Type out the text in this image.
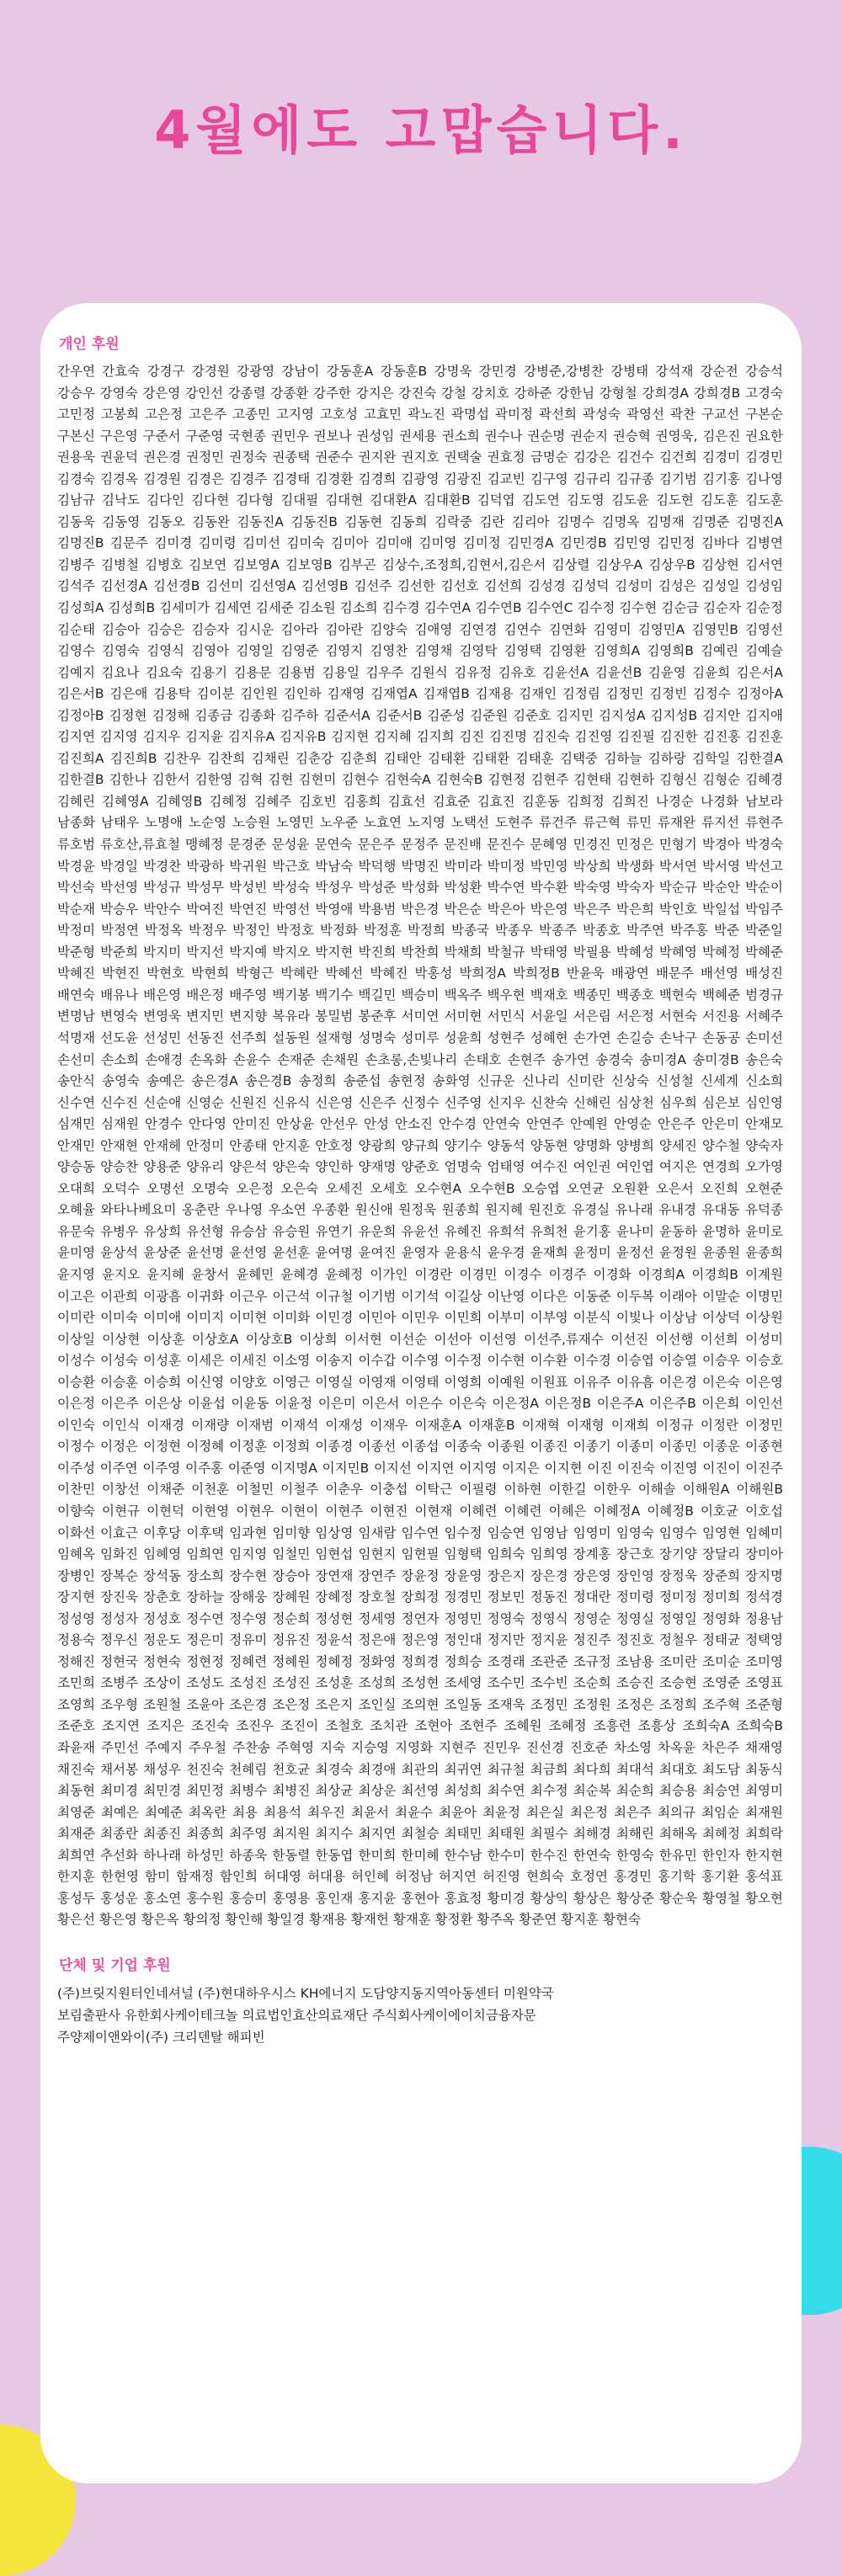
4월에도 고맙습니다.
개인 후원

간우연 간효숙 강경구 강경원 강광영 강남이 강동훈A 강동훈B 강명욱 강민경 강병준,강병찬 강병태 강석재 강순전 강승석 강승우 강영숙 강은영 강인선 강종렬 강종환 강주한 강지은 강진숙 강철 강치호 강하준 강한님 강형철 강희경A 강희경B 고경숙 고민정 고봉희 고은정 고은주 고종민 고지영 고호성 고효민 곽노진 곽명섭 곽미정 곽선희 곽성숙 곽영선 곽찬 구교선 구본순 구본신 구은영 구준서 구준영 국현종 권민우 권보나 권성임 권세용 권소희 권수나 권순명 권순지 권승혁 권영욱, 김은진 권요한 권용욱 권윤덕 권은경 권정민 권정숙 권종택 권준수 권지완 권지호 권택술 권효정 금명순 김강은 김건수 김건희 김경미 김경민 김경숙 김경옥 김경원 김경은 김경주 김경태 김경환 김경희 김광영 김광진 김교빈 김구영 김규리 김규종 김기범 김기홍 김나영 김남규 김낙도 김다인 김다현 김다형 김대필 김대현 김대환A 김대환B 김덕엽 김도연 김도영 김도윤 김도현 김도훈 김도훈 김동욱 김동영 김동오 김동완 김동진A 김동진B 김동현 김동희 김락중 김란 김리아 김명수 김명옥 김명재 김명준 김명진A 김명진B 김문주 김미경 김미령 김미선 김미숙 김미아 김미애 김미영 김미정 김민경A 김민경B 김민영 김민정 김바다 김병연 김병주 김병철 김병호 김보연 김보영A 김보영B 김부곤 김상수,조정희,김현서,김은서 김상렬 김상우A 김상우B 김상현 김서연 김석주 김선경A 김선경B 김선미 김선영A 김선영B 김선주 김선한 김선호 김선희 김성경 김성덕 김성미 김성은 김성일 김성임 김성희A 김성희B 김세미가 김세연 김세준 김소원 김소희 김수경 김수연A 김수연B 김수연C 김수정 김수현 김순금 김순자 김순정 김순태 김승아 김승은 김승자 김시운 김아라 김아란 김양숙 김애영 김연경 김연수 김연화 김영미 김영민A 김영민B 김영선 김영수 김영숙 김영식 김영아 김영일 김영준 김영지 김영찬 김영채 김영탁 김영택 김영환 김영희A 김영희B 김예린 김예슬 김예지 김요나 김요숙 김용기 김용문 김용범 김용일 김우주 김원식 김유정 김유호 김윤선A 김윤선B 김윤영 김윤희 김은서A 김은서B 김은애 김용탁 김이분 김인원 김인하 김재영 김재엽A 김재엽B 김재용 김재인 김정림 김정민 김정빈 김정수 김정아A 김정아B 김정현 김정해 김종금 김종화 김주하 김준서A 김준서B 김준성 김준원 김준호 김지민 김지성A 김지성B 김지안 김지애 김지연 김지영 김지우 김지윤 김지유A 김지유B 김지현 김지혜 김지희 김진 김진명 김진숙 김진영 김진필 김진한 김진홍 김진훈 김진희A 김진희B 김찬우 김찬희 김채린 김춘강 김춘희 김태안 김태환 김태환 김태훈 김택중 김하늘 김하랑 김학일 김한결A 김한결B 김한나 김한서 김한영 김혁 김현 김현미 김현수 김현숙A 김현숙B 김현정 김현주 김현태 김현하 김형신 김형순 김혜경 김혜린 김혜영A 김혜영B 김혜정 김혜주 김호빈 김홍희 김효선 김효준 김효진 김훈동 김희정 김희진 나경순 나경화 남보라 남종화 남태우 노명애 노순영 노승원 노영민 노우준 노효연 노지영 노택선 도현주 류건주 류근혁 류민 류재완 류지선 류현주 류호범 류호산,류효철 맹혜정 문경준 문성윤 문연숙 문은주 문정주 문진배 문진수 문혜영 민경진 민정은 민형기 박경아 박경숙 박경윤 박경일 박경찬 박광하 박귀원 박근호 박남숙 박덕행 박명진 박미라 박미정 박민영 박상희 박생화 박서연 박서영 박선고 박선숙 박선영 박성규 박성무 박성빈 박성숙 박성우 박성준 박성화 박성환 박수연 박수환 박숙영 박숙자 박순규 박순안 박순이 박순재 박승우 박안수 박여진 박연진 박영선 박영애 박용범 박은경 박은순 박은아 박은영 박은주 박은희 박인호 박일섭 박임주 박정미 박정연 박정옥 박정우 박정인 박정호 박정화 박정훈 박정희 박종국 박종우 박종주 박종호 박주연 박주홍 박준 박준일 박준형 박준희 박지미 박지선 박지예 박지오 박지현 박진희 박찬희 박채희 박철규 박태영 박필용 박혜성 박혜영 박혜정 박혜준 박혜진 박현진 박현호 박현희 박형근 박혜란 박혜선 박혜진 박홍성 박희정A 박희정B 반윤욱 배광연 배문주 배선영 배성진 배연숙 배유나 배은영 배은정 배주영 백기봉 백기수 백길민 백승미 백옥주 백우현 백재호 백종민 백종호 백현숙 백혜준 범경규 변명남 변영숙 변영욱 변지민 변지향 복유라 봉밀범 봉준후 서미연 서미현 서민식 서윤일 서은림 서은정 서현숙 서진용 서혜주 석명재 선도윤 선성민 선동진 선주희 설동원 설재형 성명숙 성미루 성윤희 성현주 성혜현 손가연 손길승 손낙구 손동공 손미선 손선미 손소희 손애경 손옥화 손윤수 손재준 손채원 손초롱,손빛나리 손태호 손현주 송가연 송경숙 송미경A 송미경B 송은숙 송안식 송영숙 송예은 송은경A 송은경B 송정희 송준섭 송현정 송화영 신규운 신나리 신미란 신상숙 신성철 신세계 신소희 신수연 신수진 신순애 신영순 신원진 신유식 신은영 신은주 신정수 신주영 신지우 신찬숙 신해린 심상천 심우희 심은보 심인영 심재민 심재원 안경수 안다영 안미진 안상윤 안선우 안성 안소진 안수경 안연숙 안연주 안예원 안영순 안은주 안은미 안재모 안재민 안재현 안재헤 안정미 안종태 안지훈 안호정 양광희 양규희 양기수 양동석 양동현 양명화 양병희 양세진 양수철 양숙자 양승동 양승찬 양용준 양유리 양은석 양은숙 양인하 양재명 양준호 엄명숙 엄태영 여수진 여인권 여인엽 여지은 연경희 오가영 오대희 오덕수 오명선 오명숙 오은정 오은숙 오세진 오세호 오수현A 오수현B 오승엽 오연균 오원환 오은서 오진희 오현준 오혜율 와타나베요미 옹춘란 우나영 우소연 우종환 원신애 원정욱 원종희 원지혜 원진호 유경실 유나래 유내경 유대동 유덕종 유문숙 유병우 유상희 유선형 유승삼 유승원 유연기 유운희 유윤선 유혜진 유희석 유희천 윤기홍 윤나미 윤동하 윤명하 윤미로 윤미영 윤상석 윤상준 윤선명 윤선영 윤선훈 윤여명 윤여진 윤영자 윤용식 윤우경 윤재희 윤정미 윤정선 윤정원 윤종원 윤종희 윤지영 윤지오 윤지혜 윤창서 윤혜민 윤혜경 윤혜정 이가인 이경란 이경민 이경수 이경주 이경화 이경희A 이경희B 이계원 이고은 이관희 이광흠 이귀화 이근우 이근석 이규철 이기범 이기석 이길상 이난영 이다은 이동준 이두복 이래아 이말순 이명민 이미란 이미숙 이미애 이미지 이미현 이미화 이민경 이민아 이민우 이민희 이부미 이부영 이분식 이빛나 이상남 이상덕 이상원 이상일 이상현 이상훈 이상호A 이상호B 이상희 이서현 이선순 이선아 이선영 이선주,류재수 이선진 이선행 이선희 이성미 이성수 이성숙 이성훈 이세은 이세진 이소영 이송지 이수갑 이수영 이수정 이수현 이수환 이수경 이승엽 이승열 이승우 이승호 이승환 이승훈 이승희 이신영 이양호 이영근 이영실 이영재 이영태 이영희 이예원 이원표 이유주 이유흠 이은경 이은숙 이은영 이은정 이은주 이은상 이윤섭 이윤동 이윤정 이은미 이은서 이은수 이은숙 이은정A 이은정B 이은주A 이은주B 이은희 이인선 이인숙 이인식 이재경 이재량 이재범 이재석 이재성 이재우 이재훈A 이재훈B 이재혁 이재형 이재희 이정규 이정란 이정민 이정수 이정은 이정현 이정혜 이정훈 이정희 이종경 이종선 이종섭 이종숙 이종원 이종진 이종기 이종미 이종민 이종운 이종현 이주성 이주연 이주영 이주홍 이준영 이지명A 이지민B 이지선 이지연 이지영 이지은 이지현 이진 이진숙 이진영 이진이 이진주 이찬민 이창선 이채준 이천훈 이철민 이철주 이춘우 이충섭 이탁근 이필령 이하현 이한길 이한우 이해솔 이해원A 이해원B 이향숙 이현규 이현덕 이현영 이현우 이현이 이현주 이현진 이현재 이혜련 이혜련 이혜은 이혜정A 이혜정B 이호균 이호섭 이화선 이효근 이후당 이후택 임과현 임미향 임상영 임새람 임수연 임수정 임승연 임영남 임영미 임영숙 임영수 임영현 임혜미 임혜옥 임화진 임혜영 임희연 임지영 임철민 임현섭 임현지 임현필 임형택 임희숙 임희영 장계홍 장근호 장기양 장달리 장미아 장병인 장복순 장석동 장소희 장수현 장승아 장연재 장연주 장윤정 장윤영 장은지 장은경 장은영 장인영 장정욱 장준희 장지명 장지현 장진욱 장춘호 장하늘 장해웅 장혜원 장혜정 장호철 장희정 정경민 정보민 정동진 정대란 정미령 정미정 정미희 정석경 정성영 정성자 정성호 정수연 정수영 정순희 정성현 정세영 정연자 정영민 정영숙 정영식 정영순 정영실 정영일 정영화 정용남 정용숙 정우신 정운도 정은미 정유미 정유진 정윤석 정은애 정은영 정인대 정지만 정지윤 정진주 정진호 정철우 정태균 정택영 정해진 정현국 정현숙 정현정 정혜련 정혜원 정혜정 정화영 정희경 정희승 조경래 조관준 조규정 조남용 조미란 조미순 조미영 조민희 조병주 조상이 조성도 조성진 조성진 조성훈 조성희 조성현 조세영 조수민 조수빈 조순희 조승진 조승현 조영준 조영표 조영희 조우형 조원철 조윤아 조은경 조은정 조은지 조인실 조의현 조일동 조재욱 조정민 조정원 조정은 조정희 조주혁 조준형 조준호 조지연 조지은 조진숙 조진우 조진이 조철호 조치관 조현아 조현주 조혜원 조혜정 조흥련 조흥상 조희숙A 조희숙B 좌윤재 주민선 주예지 주우철 주찬송 주혁영 지숙 지승영 지영화 지현주 진민우 진선경 진호준 차소영 차옥윤 차은주 채재영 채진숙 채서봉 채성우 천진숙 천혜림 천호균 최경숙 최경애 최관의 최귀연 최규철 최금희 최다희 최대석 최대호 최도담 최동식 최동현 최미경 최민경 최민정 최병수 최병진 최상균 최상운 최선영 최성희 최수연 최수정 최순복 최순희 최승용 최승연 최영미 최영준 최예은 최예준 최옥란 최용 최용석 최우진 최윤서 최윤수 최윤아 최윤정 최은실 최은정 최은주 최의규 최임순 최재원 최재준 최종란 최종진 최종희 최주영 최지원 최지수 최지연 최철승 최태민 최태원 최필수 최해경 최해린 최해옥 최혜정 최희락 최희연 추선화 하나래 하성민 하종욱 한동렬 한동엽 한미희 한미혜 한수남 한수미 한수진 한연숙 한영숙 한유민 한인자 한지현 한지훈 한현영 함미 함재정 함인희 허대영 허대용 허인혜 허정남 허지연 허진영 현희숙 호정연 홍경민 홍기학 홍기환 홍석표 홍성두 홍성운 홍소연 홍수원 홍승미 홍영용 홍인재 홍지윤 홍현아 홍효정 황미경 황상익 황상은 황상준 황순욱 황영철 황오현 황은선 황은영 황은옥 황의정 황인해 황일경 황재용 황재헌 황재훈 황정환 황주옥 황준연 황지훈 황현숙

단체 및 기업 후원

(주)브릿지원터인네셔널 (주)현대하우시스 KH에너지 도담양지동지역아동센터 미원약국

보림출판사 유한회사케이테크놀 의료법인효산의료재단 주식회사케이에이치금융자문

주양제이앤와이(주) 크리덴탈 해피빈
